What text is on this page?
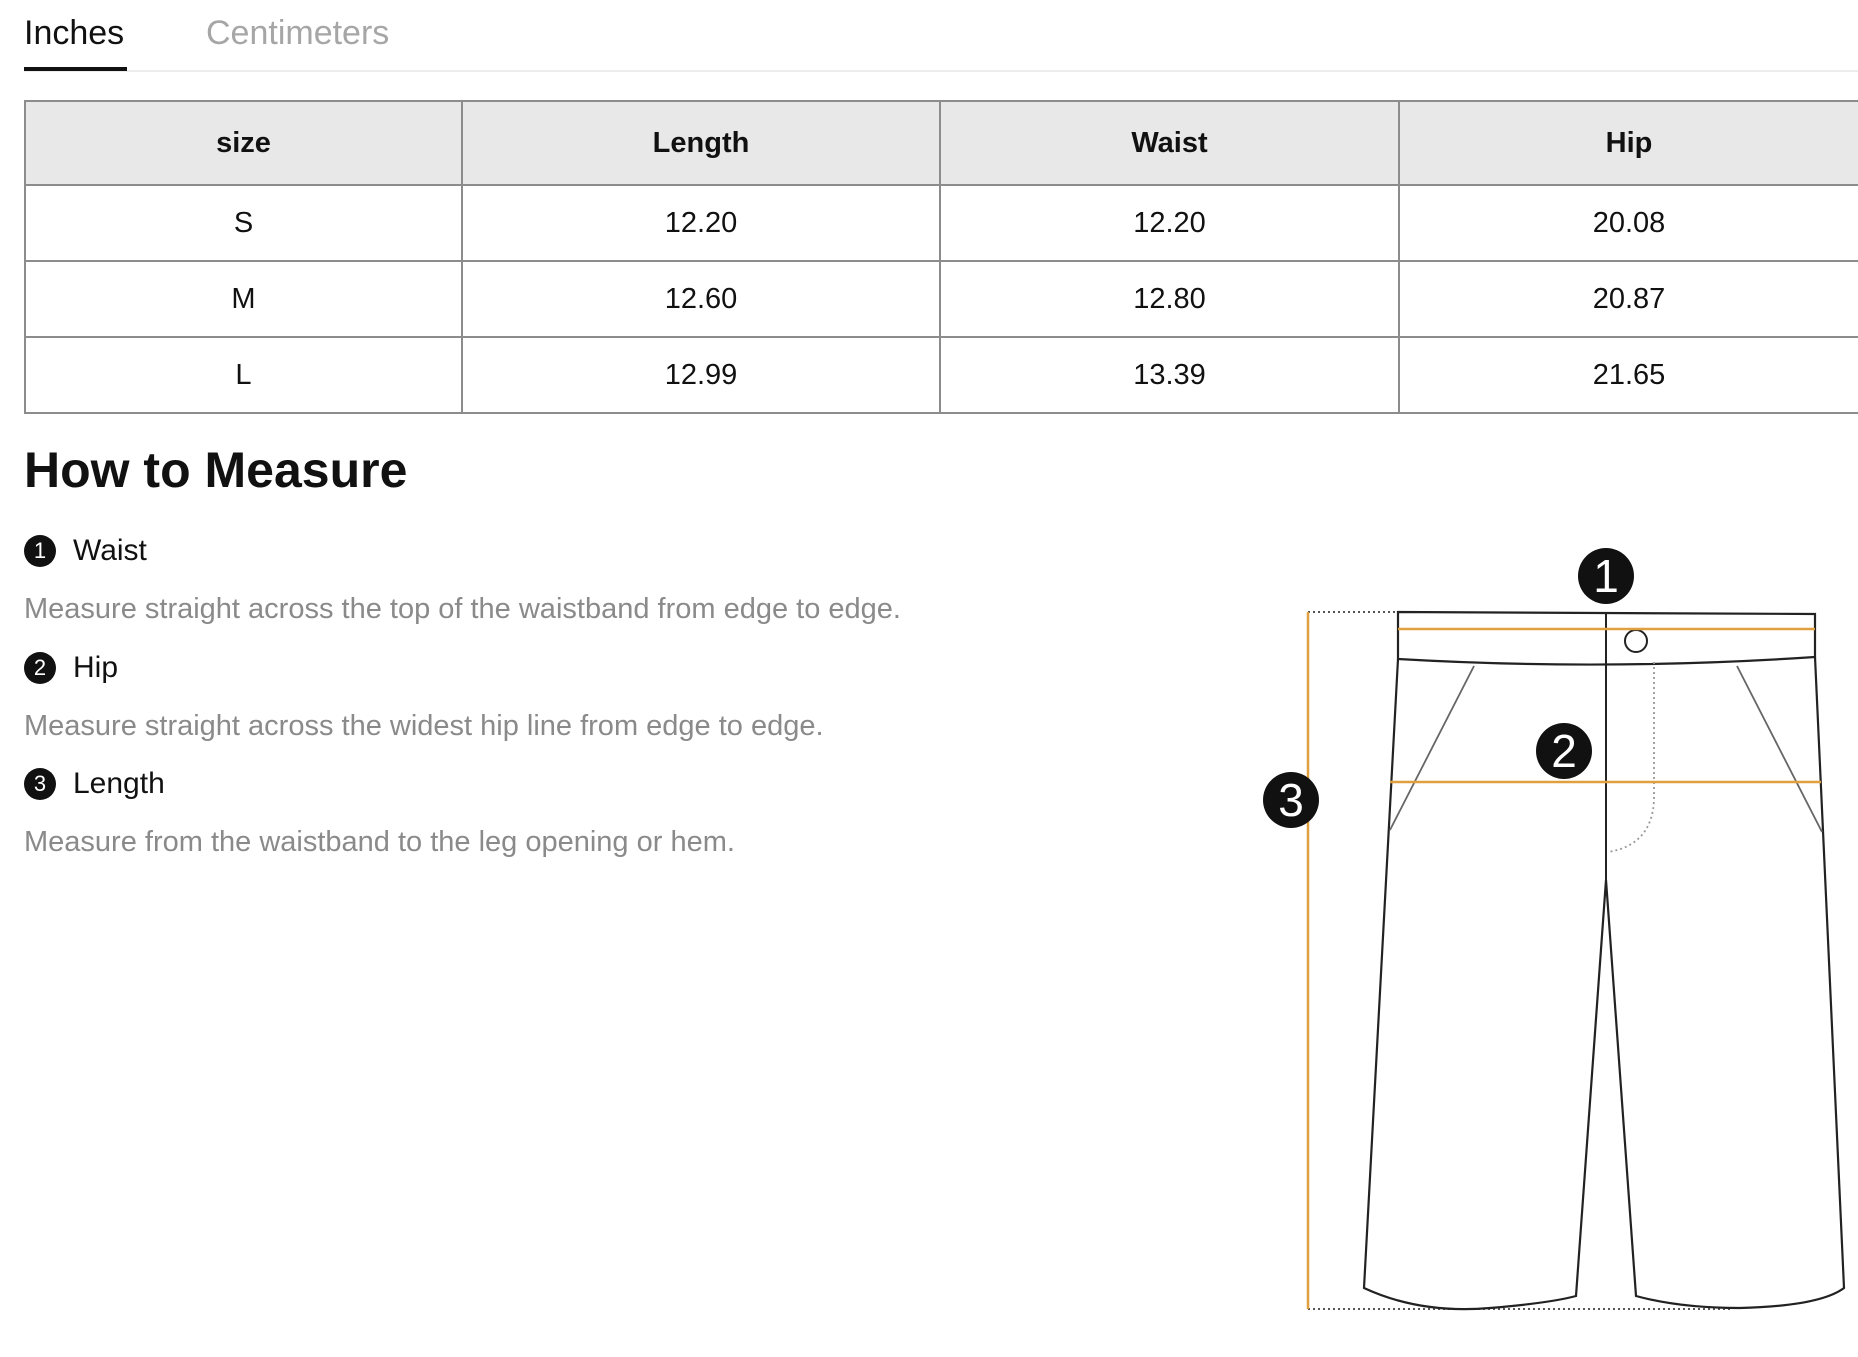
Inches Centimeters
size	Length	Waist	Hip
S	12.20	12.20	20.08
M	12.60	12.80	20.87
L	12.99	13.39	21.65
How to Measure
1 Waist
Measure straight across the top of the waistband from edge to edge.
2 Hip
Measure straight across the widest hip line from edge to edge.
3 Length
Measure from the waistband to the leg opening or hem.
1
2
3
